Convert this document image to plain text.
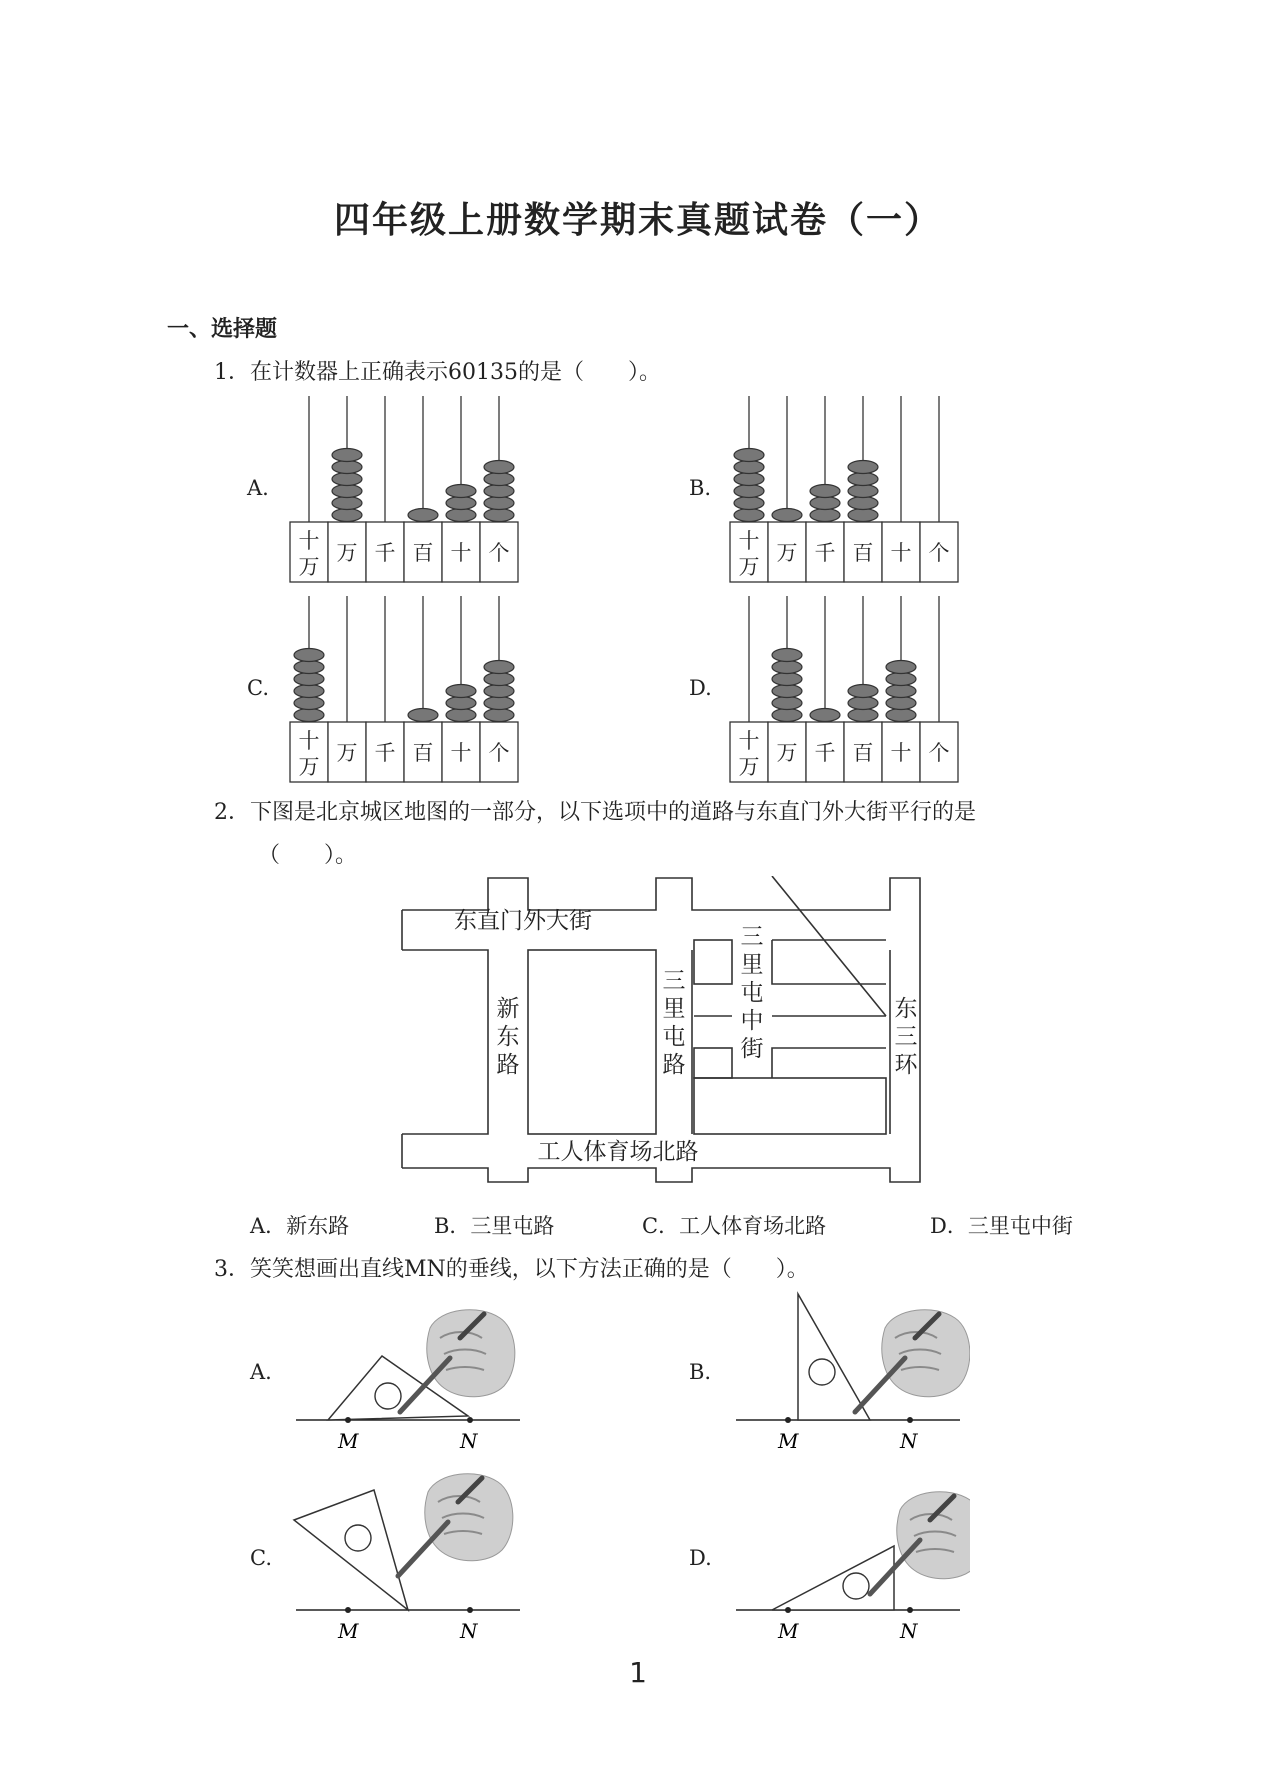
四年级上册数学期末真题试卷（一）
一、选择题
1．在计数器上正确表示60135的是（　　）。
A.
十
万
万 千 百 十 个
B.
十
万
万 千 百 十 个
C.
十
万
万 千 百 十 个
D.
十
万
万 千 百 十 个
2．下图是北京城区地图的一部分，以下选项中的道路与东直门外大街平行的是
（　　）。
东直门外大街
工人体育场北路
新
东
路
三
里
屯
路
三
里
屯
中
街
东
三
环
A．新东路	B．三里屯路	C．工人体育场北路	D．三里屯中街
3．笑笑想画出直线MN的垂线，以下方法正确的是（　　）。
A.
M	N
B.
M	N
C.
M	N
D.
M	N
1
